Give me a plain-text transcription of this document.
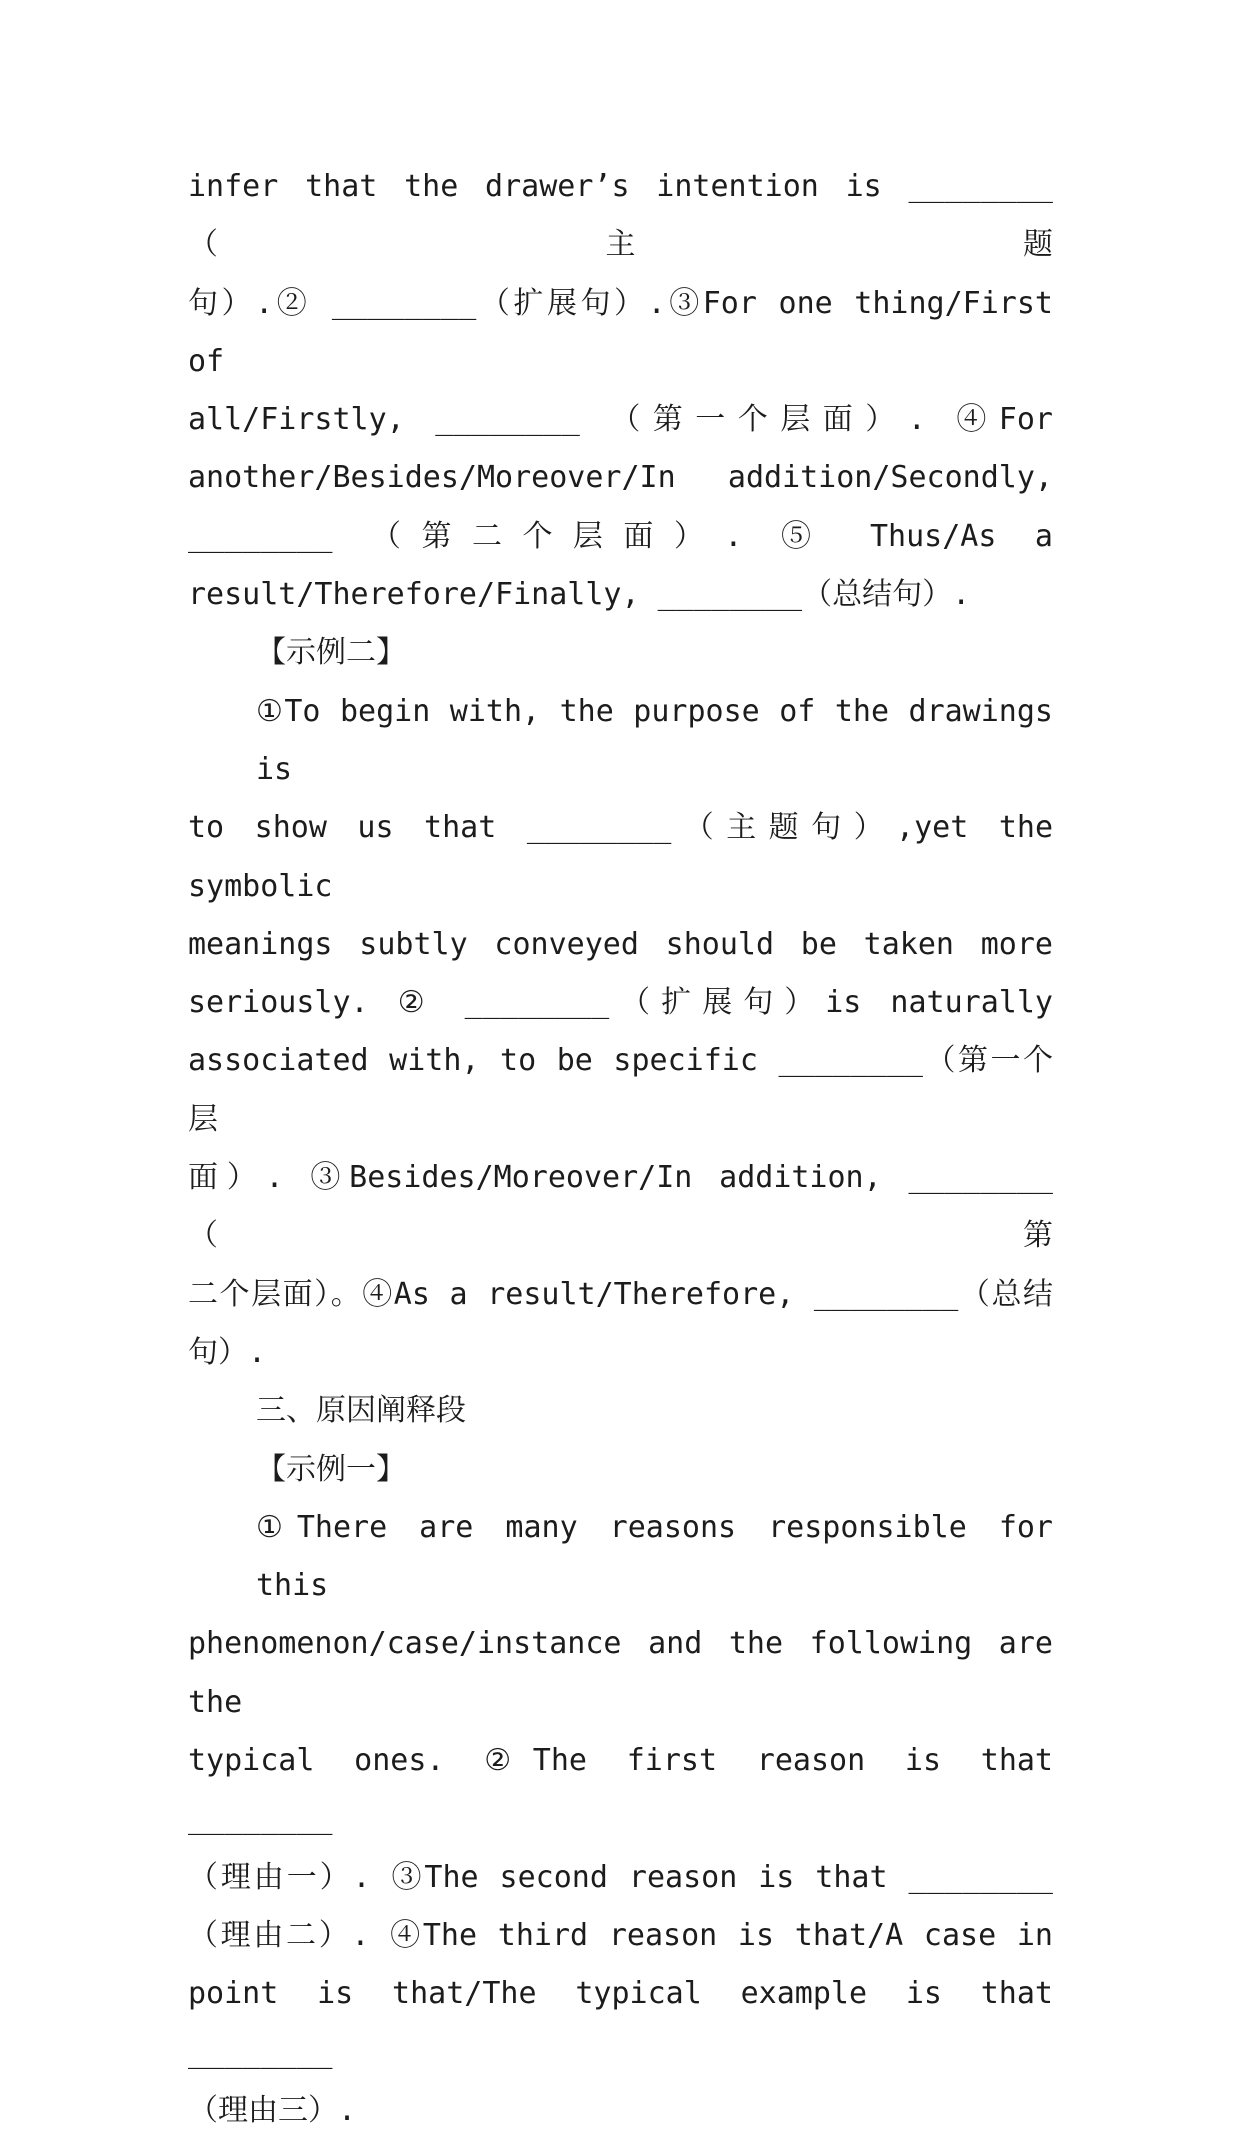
infer that the drawer’s intention is ________（主题
句）.② ________（扩展句）.③For one thing/First of
all/Firstly, ________ （第一个层面）. ④For
another/Besides/Moreover/In addition/Secondly,
________ （第二个层面）. ⑤ Thus/As a
result/Therefore/Finally, ________（总结句）.
【示例二】
①To begin with, the purpose of the drawings is
to show us that ________（主题句）,yet the symbolic
meanings subtly conveyed should be taken more
seriously. ② ________（扩展句）is naturally
associated with, to be specific ________（第一个层
面）. ③Besides/Moreover/In addition, ________（第
二个层面）。④As a result/Therefore, ________（总结
句）.
三、原因阐释段
【示例一】
①There are many reasons responsible for this
phenomenon/case/instance and the following are the
typical ones. ②The first reason is that ________
（理由一）. ③The second reason is that ________
（理由二）. ④The third reason is that/A case in
point is that/The typical example is that ________
（理由三）.
